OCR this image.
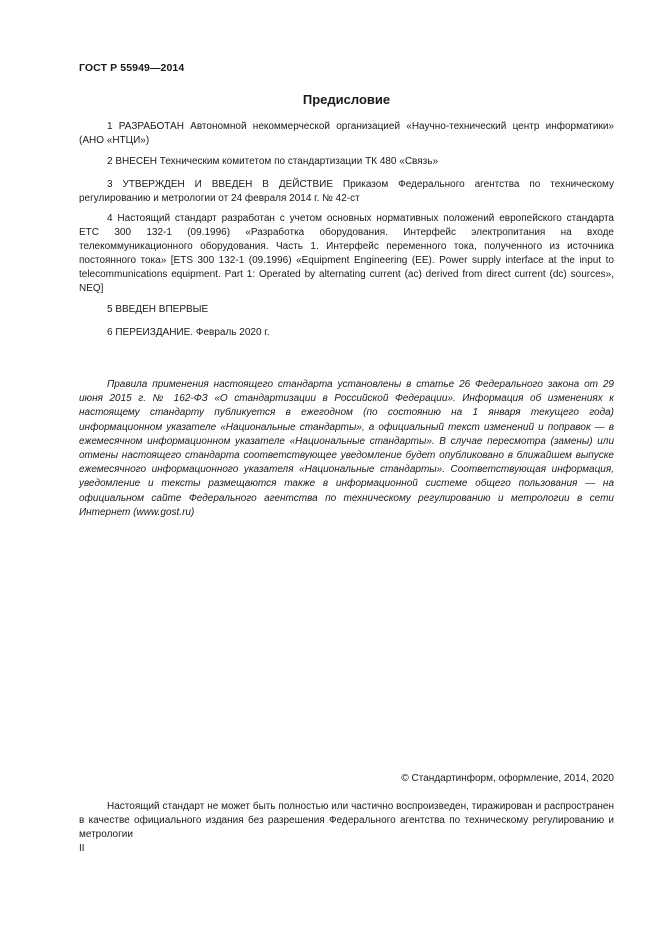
ГОСТ Р 55949—2014
Предисловие

1 РАЗРАБОТАН Автономной некоммерческой организацией «Научно-технический центр информатики» (АНО «НТЦИ»)

2 ВНЕСЕН Техническим комитетом по стандартизации ТК 480 «Связь»

3 УТВЕРЖДЕН И ВВЕДЕН В ДЕЙСТВИЕ Приказом Федерального агентства по техническому регулированию и метрологии от 24 февраля 2014 г. № 42-ст

4 Настоящий стандарт разработан с учетом основных нормативных положений европейского стандарта ЕТС 300 132-1 (09.1996) «Разработка оборудования. Интерфейс электропитания на входе телекоммуникационного оборудования. Часть 1. Интерфейс переменного тока, полученного из источника постоянного тока» [ETS 300 132-1 (09.1996) «Equipment Engineering (EE). Power supply interface at the input to telecommunications equipment. Part 1: Operated by alternating current (ac) derived from direct current (dc) sources», NEQ]

5 ВВЕДЕН ВПЕРВЫЕ

6 ПЕРЕИЗДАНИЕ. Февраль 2020 г.

Правила применения настоящего стандарта установлены в статье 26 Федерального закона от 29 июня 2015 г. № 162-ФЗ «О стандартизации в Российской Федерации». Информация об изменениях к настоящему стандарту публикуется в ежегодном (по состоянию на 1 января текущего года) информационном указателе «Национальные стандарты», а официальный текст изменений и поправок — в ежемесячном информационном указателе «Национальные стандарты». В случае пересмотра (замены) или отмены настоящего стандарта соответствующее уведомление будет опубликовано в ближайшем выпуске ежемесячного информационного указателя «Национальные стандарты». Соответствующая информация, уведомление и тексты размещаются также в информационной системе общего пользования — на официальном сайте Федерального агентства по техническому регулированию и метрологии в сети Интернет (www.gost.ru)

© Стандартинформ, оформление, 2014, 2020

Настоящий стандарт не может быть полностью или частично воспроизведен, тиражирован и распространен в качестве официального издания без разрешения Федерального агентства по техническому регулированию и метрологии

II
